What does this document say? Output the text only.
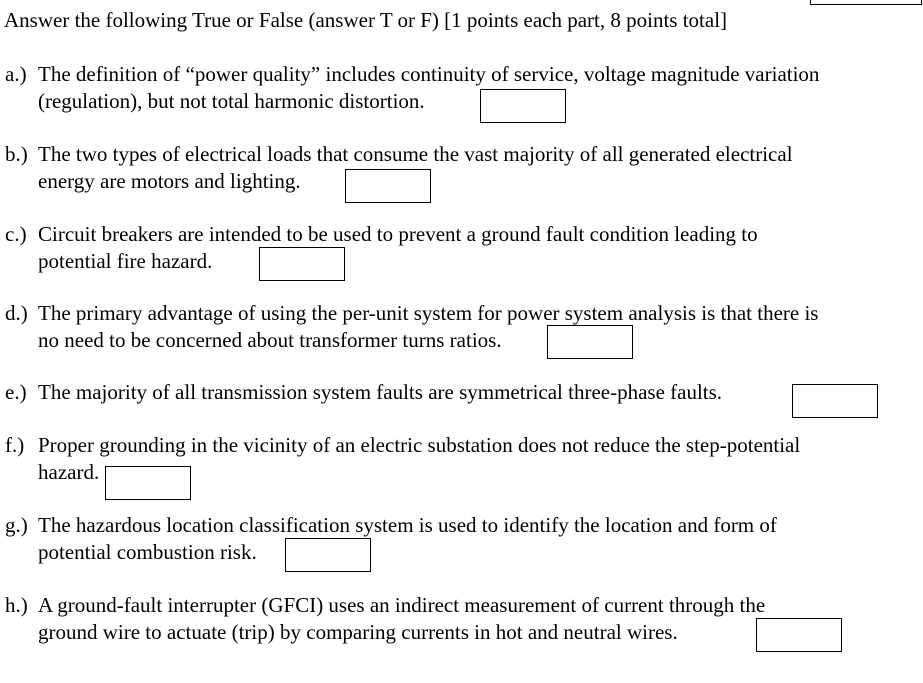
Answer the following True or False (answer T or F) [1 points each part, 8 points total]
a.) The definition of “power quality” includes continuity of service, voltage magnitude variation
(regulation), but not total harmonic distortion.
b.) The two types of electrical loads that consume the vast majority of all generated electrical
energy are motors and lighting.
c.) Circuit breakers are intended to be used to prevent a ground fault condition leading to
potential fire hazard.
d.) The primary advantage of using the per-unit system for power system analysis is that there is
no need to be concerned about transformer turns ratios.
e.) The majority of all transmission system faults are symmetrical three-phase faults.
f.) Proper grounding in the vicinity of an electric substation does not reduce the step-potential
hazard.
g.) The hazardous location classification system is used to identify the location and form of
potential combustion risk.
h.) A ground-fault interrupter (GFCI) uses an indirect measurement of current through the
ground wire to actuate (trip) by comparing currents in hot and neutral wires.
